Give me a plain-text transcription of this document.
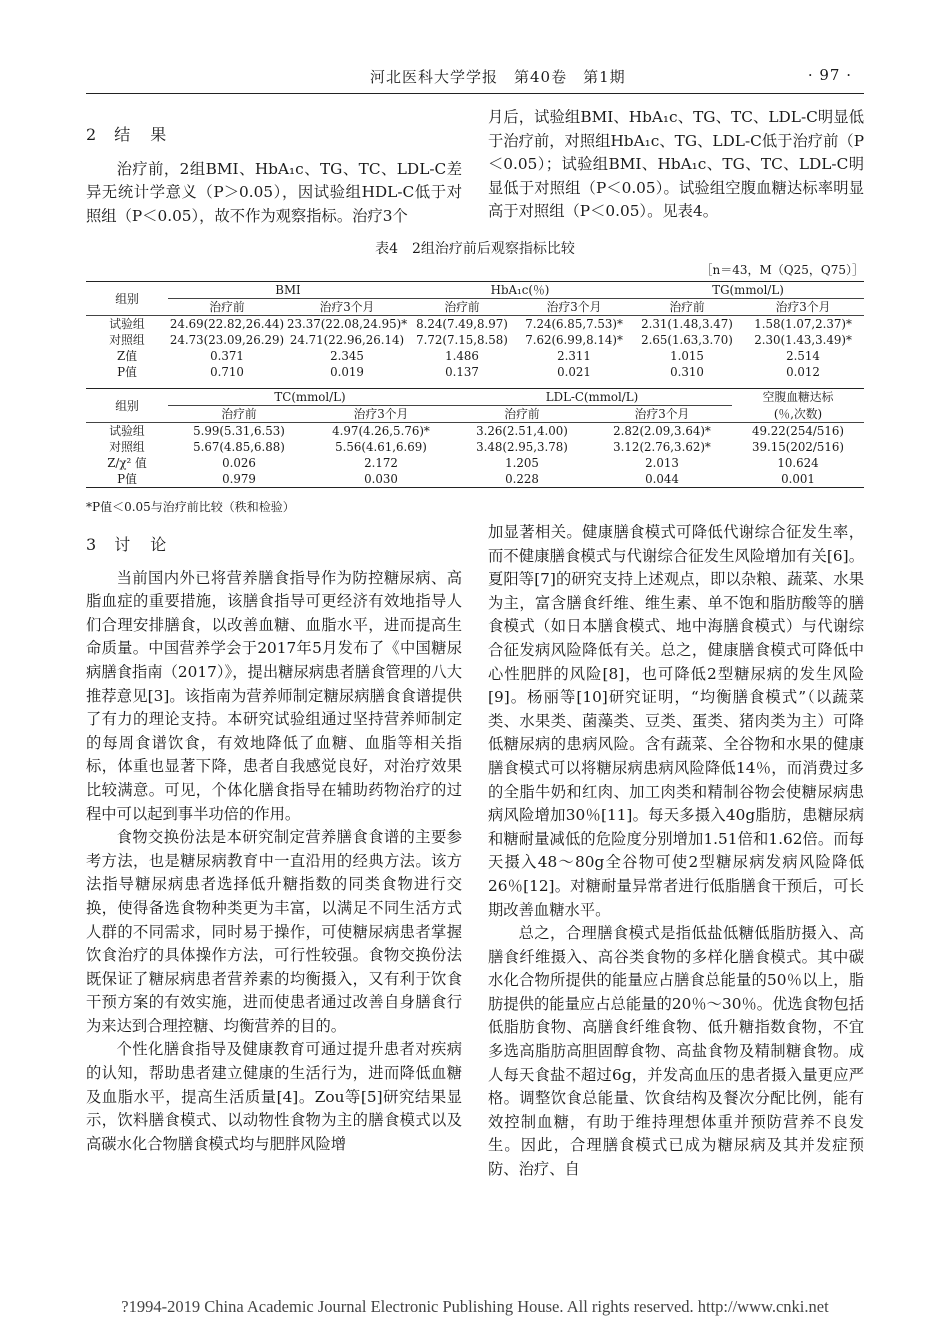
河北医科大学学报　第40卷　第1期	· 97 ·
2 结　果

治疗前，2组BMI、HbA₁c、TG、TC、LDL-C差异无统计学意义（P＞0.05），因试验组HDL-C低于对照组（P＜0.05），故不作为观察指标。治疗3个

月后，试验组BMI、HbA₁c、TG、TC、LDL-C明显低于治疗前，对照组HbA₁c、TG、LDL-C低于治疗前（P＜0.05）；试验组BMI、HbA₁c、TG、TC、LDL-C明显低于对照组（P＜0.05）。试验组空腹血糖达标率明显高于对照组（P＜0.05）。见表4。

表4　2组治疗前后观察指标比较
［n＝43，M（Q25，Q75）］
组别	BMI		HbA₁c(％)		TG(mmol/L)	
	治疗前	治疗3个月	治疗前	治疗3个月	治疗前	治疗3个月
试验组	24.69(22.82,26.44)	23.37(22.08,24.95)*	8.24(7.49,8.97)	7.24(6.85,7.53)*	2.31(1.48,3.47)	1.58(1.07,2.37)*
对照组	24.73(23.09,26.29)	24.71(22.96,26.14)	7.72(7.15,8.58)	7.62(6.99,8.14)*	2.65(1.63,3.70)	2.30(1.43,3.49)*
Z值	0.371	2.345	1.486	2.311	1.015	2.514
P值	0.710	0.019	0.137	0.021	0.310	0.012
组别	TC(mmol/L)		LDL-C(mmol/L)		空腹血糖达标
	治疗前	治疗3个月	治疗前	治疗3个月	(％,次数)
试验组	5.99(5.31,6.53)	4.97(4.26,5.76)*	3.26(2.51,4.00)	2.82(2.09,3.64)*	49.22(254/516)
对照组	5.67(4.85,6.88)	5.56(4.61,6.69)	3.48(2.95,3.78)	3.12(2.76,3.62)*	39.15(202/516)
Z/χ² 值	0.026	2.172	1.205	2.013	10.624
P值	0.979	0.030	0.228	0.044	0.001
*P值＜0.05与治疗前比较（秩和检验）
3 讨　论

当前国内外已将营养膳食指导作为防控糖尿病、高脂血症的重要措施，该膳食指导可更经济有效地指导人们合理安排膳食，以改善血糖、血脂水平，进而提高生命质量。中国营养学会于2017年5月发布了《中国糖尿病膳食指南（2017）》，提出糖尿病患者膳食管理的八大推荐意见[3]。该指南为营养师制定糖尿病膳食食谱提供了有力的理论支持。本研究试验组通过坚持营养师制定的每周食谱饮食，有效地降低了血糖、血脂等相关指标，体重也显著下降，患者自我感觉良好，对治疗效果比较满意。可见，个体化膳食指导在辅助药物治疗的过程中可以起到事半功倍的作用。

食物交换份法是本研究制定营养膳食食谱的主要参考方法，也是糖尿病教育中一直沿用的经典方法。该方法指导糖尿病患者选择低升糖指数的同类食物进行交换，使得备选食物种类更为丰富，以满足不同生活方式人群的不同需求，同时易于操作，可使糖尿病患者掌握饮食治疗的具体操作方法，可行性较强。食物交换份法既保证了糖尿病患者营养素的均衡摄入，又有利于饮食干预方案的有效实施，进而使患者通过改善自身膳食行为来达到合理控糖、均衡营养的目的。

个性化膳食指导及健康教育可通过提升患者对疾病的认知，帮助患者建立健康的生活行为，进而降低血糖及血脂水平，提高生活质量[4]。Zou等[5]研究结果显示，饮料膳食模式、以动物性食物为主的膳食模式以及高碳水化合物膳食模式均与肥胖风险增

加显著相关。健康膳食模式可降低代谢综合征发生率，而不健康膳食模式与代谢综合征发生风险增加有关[6]。夏阳等[7]的研究支持上述观点，即以杂粮、蔬菜、水果为主，富含膳食纤维、维生素、单不饱和脂肪酸等的膳食模式（如日本膳食模式、地中海膳食模式）与代谢综合征发病风险降低有关。总之，健康膳食模式可降低中心性肥胖的风险[8]，也可降低2型糖尿病的发生风险[9]。杨丽等[10]研究证明，“均衡膳食模式”（以蔬菜类、水果类、菌藻类、豆类、蛋类、猪肉类为主）可降低糖尿病的患病风险。含有蔬菜、全谷物和水果的健康膳食模式可以将糖尿病患病风险降低14％，而消费过多的全脂牛奶和红肉、加工肉类和精制谷物会使糖尿病患病风险增加30％[11]。每天多摄入40g脂肪，患糖尿病和糖耐量减低的危险度分别增加1.51倍和1.62倍。而每天摄入48～80g全谷物可使2型糖尿病发病风险降低26％[12]。对糖耐量异常者进行低脂膳食干预后，可长期改善血糖水平。

总之，合理膳食模式是指低盐低糖低脂肪摄入、高膳食纤维摄入、高谷类食物的多样化膳食模式。其中碳水化合物所提供的能量应占膳食总能量的50％以上，脂肪提供的能量应占总能量的20％～30％。优选食物包括低脂肪食物、高膳食纤维食物、低升糖指数食物，不宜多选高脂肪高胆固醇食物、高盐食物及精制糖食物。成人每天食盐不超过6g，并发高血压的患者摄入量更应严格。调整饮食总能量、饮食结构及餐次分配比例，能有效控制血糖，有助于维持理想体重并预防营养不良发生。因此，合理膳食模式已成为糖尿病及其并发症预防、治疗、自

?1994-2019 China Academic Journal Electronic Publishing House. All rights reserved. http://www.cnki.net
